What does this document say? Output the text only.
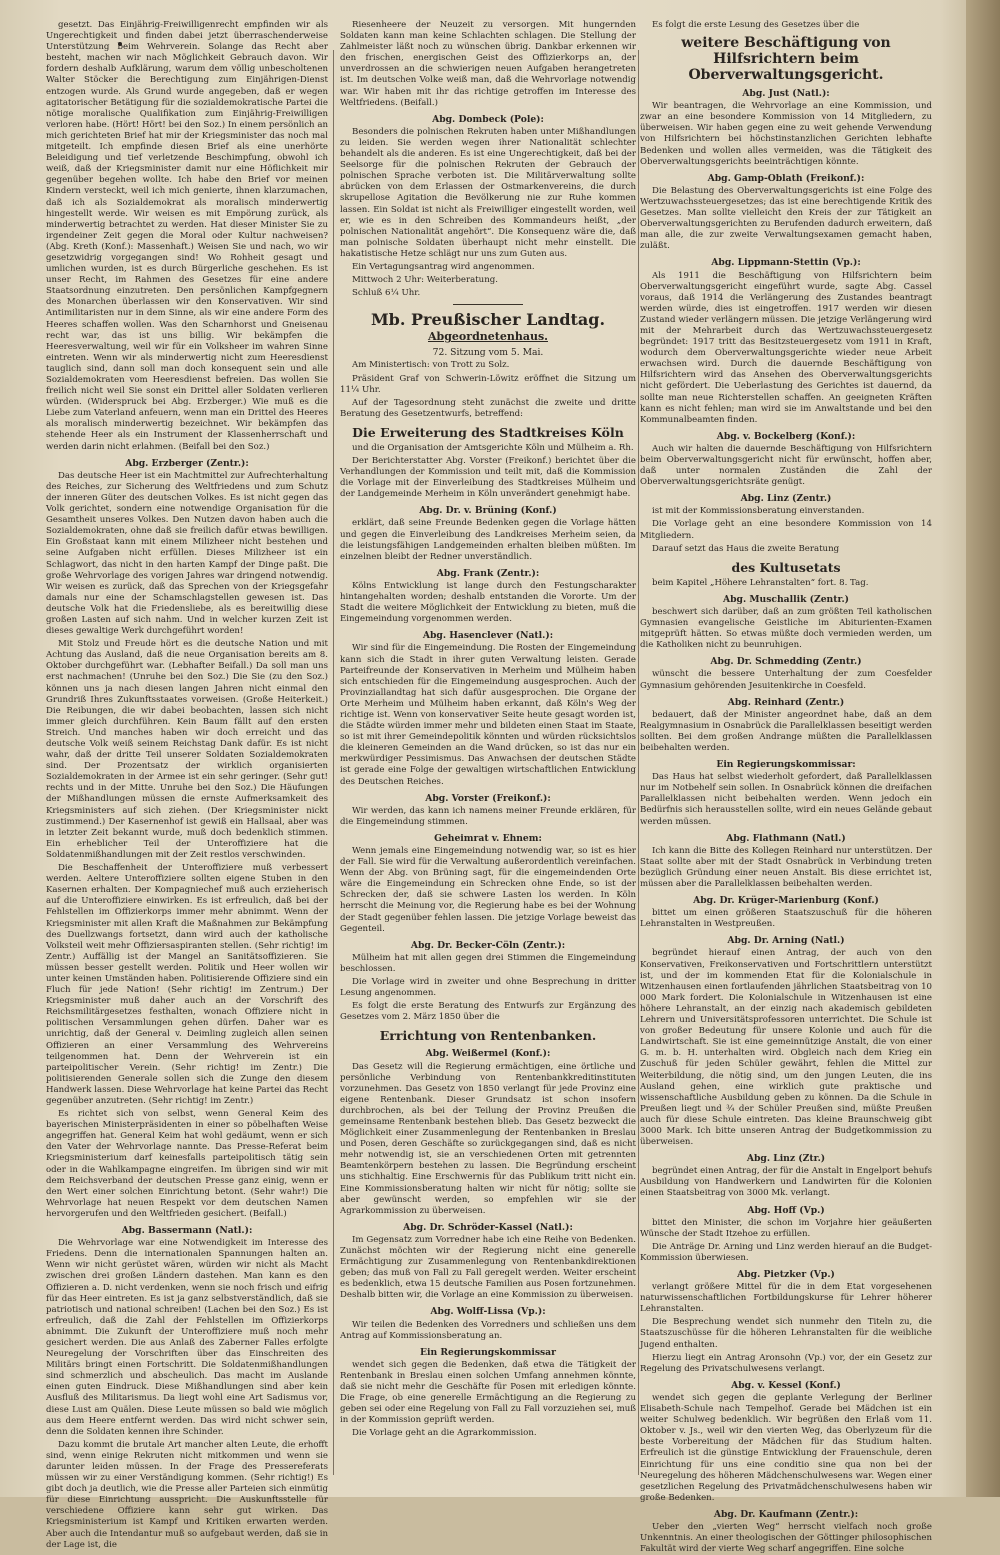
gesetzt. Das Einjährig-Freiwilligenrecht empfinden wir als Ungerechtigkeit und finden dabei jetzt überraschenderweise Unterstützung beim Wehrverein. Solange das Recht aber besteht, machen wir nach Möglichkeit Gebrauch davon. Wir fordern deshalb Aufklärung, warum dem völlig unbescholtenen Walter Stöcker die Berechtigung zum Einjährigen-Dienst entzogen wurde. Als Grund wurde angegeben, daß er wegen agitatorischer Betätigung für die sozialdemokratische Partei die nötige moralische Qualifikation zum Einjährig-Freiwilligen verloren habe. (Hört! Hört! bei den Soz.) In einem persönlich an mich gerichteten Brief hat mir der Kriegsminister das noch mal mitgeteilt. Ich empfinde diesen Brief als eine unerhörte Beleidigung und tief verletzende Beschimpfung, obwohl ich weiß, daß der Kriegsminister damit nur eine Höflichkeit mir gegenüber begehen wollte. Ich habe den Brief vor meinen Kindern versteckt, weil ich mich genierte, ihnen klarzumachen, daß ich als Sozialdemokrat als moralisch minderwertig hingestellt werde. Wir weisen es mit Empörung zurück, als minderwertig betrachtet zu werden. Hat dieser Minister Sie zu irgendeiner Zeit gegen die Moral oder Kultur nachweisen? (Abg. Kreth (Konf.): Massenhaft.) Weisen Sie und nach, wo wir gesetzwidrig vorgegangen sind! Wo Rohheit gesagt und umlichen wurden, ist es durch Bürgerliche geschehen. Es ist unser Recht, im Rahmen des Gesetzes für eine andere Staatsordnung einzutreten. Den persönlichen Kampfgegnern des Monarchen überlassen wir den Konservativen. Wir sind Antimilitaristen nur in dem Sinne, als wir eine andere Form des Heeres schaffen wollen. Was den Scharnhorst und Gneisenau recht war, das ist uns billig. Wir bekämpfen die Heeresverwaltung, weil wir für ein Volksheer im wahren Sinne eintreten. Wenn wir als minderwertig nicht zum Heeresdienst tauglich sind, dann soll man doch konsequent sein und alle Sozialdemokraten vom Heeresdienst befreien. Das wollen Sie freilich nicht weil Sie sonst ein Drittel aller Soldaten verlieren würden. (Widerspruck bei Abg. Erzberger.) Wie muß es die Liebe zum Vaterland anfeuern, wenn man ein Drittel des Heeres als moralisch minderwertig bezeichnet. Wir bekämpfen das stehende Heer als ein Instrument der Klassenherrschaft und werden darin nicht erlahmen. (Beifall bei den Soz.)
Abg. Erzberger (Zentr.):
Das deutsche Heer ist ein Machtmittel zur Aufrechterhaltung des Reiches, zur Sicherung des Weltfriedens und zum Schutz der inneren Güter des deutschen Volkes. Es ist nicht gegen das Volk gerichtet, sondern eine notwendige Organisation für die Gesamtheit unseres Volkes. Den Nutzen davon haben auch die Sozialdemokraten, ohne daß sie freilich dafür etwas bewilligen. Ein Großstaat kann mit einem Milizheer nicht bestehen und seine Aufgaben nicht erfüllen. Dieses Milizheer ist ein Schlagwort, das nicht in den harten Kampf der Dinge paßt. Die große Wehrvorlage des vorigen Jahres war dringend notwendig. Wir weisen es zurück, daß das Sprechen von der Kriegsgefahr damals nur eine der Schamschlagstellen gewesen ist. Das deutsche Volk hat die Friedensliebe, als es bereitwillig diese großen Lasten auf sich nahm. Und in welcher kurzen Zeit ist dieses gewaltige Werk durchgeführt worden!
Mit Stolz und Freude hört es die deutsche Nation und mit Achtung das Ausland, daß die neue Organisation bereits am 8. Oktober durchgeführt war. (Lebhafter Beifall.) Da soll man uns erst nachmachen! (Unruhe bei den Soz.) Die Sie (zu den Soz.) können uns ja nach diesen langen Jahren nicht einmal den Grundriß Ihres Zukunftsstaates vorweisen. (Große Heiterkeit.) Die Reibungen, die wir dabei beobachten, lassen sich nicht immer gleich durchführen. Kein Baum fällt auf den ersten Streich. Und manches haben wir doch erreicht und das deutsche Volk weiß seinem Reichstag Dank dafür. Es ist nicht wahr, daß der dritte Teil unserer Soldaten Sozialdemokraten sind. Der Prozentsatz der wirklich organisierten Sozialdemokraten in der Armee ist ein sehr geringer. (Sehr gut! rechts und in der Mitte. Unruhe bei den Soz.) Die Häufungen der Mißhandlungen müssen die ernste Aufmerksamkeit des Kriegsministers auf sich ziehen. (Der Kriegsminister nickt zustimmend.) Der Kasernenhof ist gewiß ein Hallsaal, aber was in letzter Zeit bekannt wurde, muß doch bedenklich stimmen. Ein erheblicher Teil der Unteroffiziere hat die Soldatenmißhandlungen mit der Zeit restlos verschwinden.
Die Beschaffenheit der Unteroffiziere muß verbessert werden. Aeltere Unteroffiziere sollten eigene Stuben in den Kasernen erhalten. Der Kompagniechef muß auch erzieherisch auf die Unteroffiziere einwirken. Es ist erfreulich, daß bei der Fehlstellen im Offizierkorps immer mehr abnimmt. Wenn der Kriegsminister mit allen Kraft die Maßnahmen zur Bekämpfung des Duellzwangs fortsetzt, dann wird auch der katholische Volksteil weit mehr Offiziersaspiranten stellen. (Sehr richtig! im Zentr.) Auffällig ist der Mangel an Sanitätsoffizieren. Sie müssen besser gestellt werden. Politik und Heer wollen wir unter keinen Umständen haben. Politisierende Offiziere sind ein Fluch für jede Nation! (Sehr richtig! im Zentrum.) Der Kriegsminister muß daher auch an der Vorschrift des Reichsmilitärgesetzes festhalten, wonach Offiziere nicht in politischen Versammlungen gehen dürfen. Daher war es unrichtig, daß der General v. Deimling zugleich allen seinen Offizieren an einer Versammlung des Wehrvereins teilgenommen hat. Denn der Wehrverein ist ein parteipolitischer Verein. (Sehr richtig! im Zentr.) Die politisierenden Generale sollen sich die Zunge den diesem Handwerk lassen. Diese Wehrvorlage hat keine Partei das Recht gegenüber anzutreten. (Sehr richtig! im Zentr.)
Es richtet sich von selbst, wenn General Keim des bayerischen Ministerpräsidenten in einer so pöbelhaften Weise angegriffen hat. General Keim hat wohl gedäumt, wenn er sich den Vater der Wehrvorlage nannte. Das Presse-Referat beim Kriegsministerium darf keinesfalls parteipolitisch tätig sein oder in die Wahlkampagne eingreifen. Im übrigen sind wir mit dem Reichsverband der deutschen Presse ganz einig, wenn er den Wert einer solchen Einrichtung betont. (Sehr wahr!) Die Wehrvorlage hat neuen Respekt vor dem deutschen Namen hervorgerufen und den Weltfrieden gesichert. (Beifall.)
Abg. Bassermann (Natl.):
Die Wehrvorlage war eine Notwendigkeit im Interesse des Friedens. Denn die internationalen Spannungen halten an. Wenn wir nicht gerüstet wären, würden wir nicht als Macht zwischen drei großen Ländern dastehen. Man kann es den Offizieren a. D. nicht verdenken, wenn sie noch frisch und eifrig für das Heer eintreten. Es ist ja ganz selbstverständlich, daß sie patriotisch und national schreiben! (Lachen bei den Soz.) Es ist erfreulich, daß die Zahl der Fehlstellen im Offizierkorps abnimmt. Die Zukunft der Unteroffiziere muß noch mehr gesichert werden. Die aus Anlaß des Zaberner Falles erfolgte Neuregelung der Vorschriften über das Einschreiten des Militärs bringt einen Fortschritt. Die Soldatenmißhandlungen sind schmerzlich und abscheulich. Das macht im Auslande einen guten Eindruck. Diese Mißhandlungen sind aber kein Ausfluß des Militarismus. Da liegt wohl eine Art Sadismus vor, diese Lust am Quälen. Diese Leute müssen so bald wie möglich aus dem Heere entfernt werden. Das wird nicht schwer sein, denn die Soldaten kennen ihre Schinder.
Dazu kommt die brutale Art mancher alten Leute, die erhofft sind, wenn einige Rekruten nicht mitkommen und wenn sie darunter leiden müssen. In der Frage des Pressereferats müssen wir zu einer Verständigung kommen. (Sehr richtig!) Es gibt doch ja deutlich, wie die Presse aller Parteien sich einmütig für diese Einrichtung ausspricht. Die Auskunftsstelle für verschiedene Offiziere kann sehr gut wirken. Das Kriegsministerium ist Kampf und Kritiken erwarten werden. Aber auch die Intendantur muß so aufgebaut werden, daß sie in der Lage ist, die
Riesenheere der Neuzeit zu versorgen. Mit hungernden Soldaten kann man keine Schlachten schlagen. Die Stellung der Zahlmeister läßt noch zu wünschen übrig. Dankbar erkennen wir den frischen, energischen Geist des Offizierkorps an, der unverdrossen an die schwierigen neuen Aufgaben herangetreten ist. Im deutschen Volke weiß man, daß die Wehrvorlage notwendig war. Wir haben mit ihr das richtige getroffen im Interesse des Weltfriedens. (Beifall.)
Abg. Dombeck (Pole):
Besonders die polnischen Rekruten haben unter Mißhandlungen zu leiden. Sie werden wegen ihrer Nationalität schlechter behandelt als die anderen. Es ist eine Ungerechtigkeit, daß bei der Seelsorge für die polnischen Rekruten der Gebrauch der polnischen Sprache verboten ist. Die Militärverwaltung sollte abrücken von dem Erlassen der Ostmarkenvereins, die durch skrupellose Agitation die Bevölkerung nie zur Ruhe kommen lassen. Ein Soldat ist nicht als Freiwilliger eingestellt worden, weil er, wie es in den Schreiben des Kommandeurs heißt, „der polnischen Nationalität angehört“. Die Konsequenz wäre die, daß man polnische Soldaten überhaupt nicht mehr einstellt. Die hakatistische Hetze schlägt nur uns zum Guten aus.
Ein Vertagungsantrag wird angenommen.
Mittwoch 2 Uhr: Weiterberatung.
Schluß 6¼ Uhr.
Mb. Preußischer Landtag.
Abgeordnetenhaus.
72. Sitzung vom 5. Mai.
Am Ministertisch: von Trott zu Solz.
Präsident Graf von Schwerin-Löwitz eröffnet die Sitzung um 11¼ Uhr.
Auf der Tagesordnung steht zunächst die zweite und dritte Beratung des Gesetzentwurfs, betreffend:
Die Erweiterung des Stadtkreises Köln
und die Organisation der Amtsgerichte Köln und Mülheim a. Rh.
Der Berichterstatter Abg. Vorster (Freikonf.) berichtet über die Verhandlungen der Kommission und teilt mit, daß die Kommission die Vorlage mit der Einverleibung des Stadtkreises Mülheim und der Landgemeinde Merheim in Köln unverändert genehmigt habe.
Abg. Dr. v. Brüning (Konf.)
erklärt, daß seine Freunde Bedenken gegen die Vorlage hätten und gegen die Einverleibung des Landkreises Merheim seien, da die leistungsfähigen Landgemeinden erhalten bleiben müßten. Im einzelnen bleibt der Redner unverständlich.
Abg. Frank (Zentr.):
Kölns Entwicklung ist lange durch den Festungscharakter hintangehalten worden; deshalb entstanden die Vororte. Um der Stadt die weitere Möglichkeit der Entwicklung zu bieten, muß die Eingemeindung vorgenommen werden.
Abg. Hasenclever (Natl.):
Wir sind für die Eingemeindung. Die Rosten der Eingemeindung kann sich die Stadt in ihrer guten Verwaltung leisten. Gerade Parteifreunde der Konservativen in Merheim und Mülheim haben sich entschieden für die Eingemeindung ausgesprochen. Auch der Provinziallandtag hat sich dafür ausgesprochen. Die Organe der Orte Merheim und Mülheim haben erkannt, daß Köln's Weg der richtige ist. Wenn von konservativer Seite heute gesagt worden ist, die Städte würden immer mehr und bildeten einen Staat im Staate, so ist mit ihrer Gemeindepolitik könnten und würden rücksichtslos die kleineren Gemeinden an die Wand drücken, so ist das nur ein merkwürdiger Pessimismus. Das Anwachsen der deutschen Städte ist gerade eine Folge der gewaltigen wirtschaftlichen Entwicklung des Deutschen Reiches.
Abg. Vorster (Freikonf.):
Wir werden, das kann ich namens meiner Freunde erklären, für die Eingemeindung stimmen.
Geheimrat v. Ehnem:
Wenn jemals eine Eingemeindung notwendig war, so ist es hier der Fall. Sie wird für die Verwaltung außerordentlich vereinfachen. Wenn der Abg. von Brüning sagt, für die eingemeindenden Orte wäre die Eingemeindung ein Schrecken ohne Ende, so ist der Schrecken der, daß sie schwere Lasten los werden. In Köln herrscht die Meinung vor, die Regierung habe es bei der Wohnung der Stadt gegenüber fehlen lassen. Die jetzige Vorlage beweist das Gegenteil.
Abg. Dr. Becker-Cöln (Zentr.):
Mülheim hat mit allen gegen drei Stimmen die Eingemeindung beschlossen.
Die Vorlage wird in zweiter und ohne Besprechung in dritter Lesung angenommen.
Es folgt die erste Beratung des Entwurfs zur Ergänzung des Gesetzes vom 2. März 1850 über die
Errichtung von Rentenbanken.
Abg. Weißermel (Konf.):
Das Gesetz will die Regierung ermächtigen, eine örtliche und persönliche Verbindung von Rentenbankkreditinstituten vorzunehmen. Das Gesetz von 1850 verlangt für jede Provinz eine eigene Rentenbank. Dieser Grundsatz ist schon insofern durchbrochen, als bei der Teilung der Provinz Preußen die gemeinsame Rentenbank bestehen blieb. Das Gesetz bezweckt die Möglichkeit einer Zusammenlegung der Rentenbanken in Breslau und Posen, deren Geschäfte so zurückgegangen sind, daß es nicht mehr notwendig ist, sie an verschiedenen Orten mit getrennten Beamtenkörpern bestehen zu lassen. Die Begründung erscheint uns stichhaltig. Eine Erschwernis für das Publikum tritt nicht ein. Eine Kommissionsberatung halten wir nicht für nötig; sollte sie aber gewünscht werden, so empfehlen wir sie der Agrarkommission zu überweisen.
Abg. Dr. Schröder-Kassel (Natl.):
Im Gegensatz zum Vorredner habe ich eine Reihe von Bedenken. Zunächst möchten wir der Regierung nicht eine generelle Ermächtigung zur Zusammenlegung von Rentenbankdirektionen geben; das muß von Fall zu Fall geregelt werden. Weiter erscheint es bedenklich, etwa 15 deutsche Familien aus Posen fortzunehmen. Deshalb bitten wir, die Vorlage an eine Kommission zu überweisen.
Abg. Wolff-Lissa (Vp.):
Wir teilen die Bedenken des Vorredners und schließen uns dem Antrag auf Kommissionsberatung an.
Ein Regierungskommissar
wendet sich gegen die Bedenken, daß etwa die Tätigkeit der Rentenbank in Breslau einen solchen Umfang annehmen könnte, daß sie nicht mehr die Geschäfte für Posen mit erledigen könnte. Die Frage, ob eine generelle Ermächtigung an die Regierung zu geben sei oder eine Regelung von Fall zu Fall vorzuziehen sei, muß in der Kommission geprüft werden.
Die Vorlage geht an die Agrarkommission.
Es folgt die erste Lesung des Gesetzes über die
weitere Beschäftigung von Hilfsrichtern beim Oberverwaltungsgericht.
Abg. Just (Natl.):
Wir beantragen, die Wehrvorlage an eine Kommission, und zwar an eine besondere Kommission von 14 Mitgliedern, zu überweisen. Wir haben gegen eine zu weit gehende Verwendung von Hilfsrichtern bei höchstinstanzlichen Gerichten lebhafte Bedenken und wollen alles vermeiden, was die Tätigkeit des Oberverwaltungsgerichts beeinträchtigen könnte.
Abg. Gamp-Oblath (Freikonf.):
Die Belastung des Oberverwaltungsgerichts ist eine Folge des Wertzuwachssteuergesetzes; das ist eine berechtigende Kritik des Gesetzes. Man sollte vielleicht den Kreis der zur Tätigkeit an Oberverwaltungsgerichten zu Berufenden dadurch erweitern, daß man alle, die zur zweite Verwaltungsexamen gemacht haben, zuläßt.
Abg. Lippmann-Stettin (Vp.):
Als 1911 die Beschäftigung von Hilfsrichtern beim Oberverwaltungsgericht eingeführt wurde, sagte Abg. Cassel voraus, daß 1914 die Verlängerung des Zustandes beantragt werden würde, dies ist eingetroffen. 1917 werden wir diesen Zustand wieder verlängern müssen. Die jetzige Verlängerung wird mit der Mehrarbeit durch das Wertzuwachssteuergesetz begründet: 1917 tritt das Besitzsteuergesetz vom 1911 in Kraft, wodurch dem Oberverwaltungsgerichte wieder neue Arbeit erwachsen wird. Durch die dauernde Beschäftigung von Hilfsrichtern wird das Ansehen des Oberverwaltungsgerichts nicht gefördert. Die Ueberlastung des Gerichtes ist dauernd, da sollte man neue Richterstellen schaffen. An geeigneten Kräften kann es nicht fehlen; man wird sie im Anwaltstande und bei den Kommunalbeamten finden.
Abg. v. Bockelberg (Konf.):
Auch wir halten die dauernde Beschäftigung von Hilfsrichtern beim Oberverwaltungsgericht nicht für erwünscht, hoffen aber, daß unter normalen Zuständen die Zahl der Oberverwaltungsgerichtsräte genügt.
Abg. Linz (Zentr.)
ist mit der Kommissionsberatung einverstanden.
Die Vorlage geht an eine besondere Kommission von 14 Mitgliedern.
Darauf setzt das Haus die zweite Beratung
des Kultusetats
beim Kapitel „Höhere Lehranstalten“ fort. 8. Tag.
Abg. Muschallik (Zentr.)
beschwert sich darüber, daß an zum größten Teil katholischen Gymnasien evangelische Geistliche im Abiturienten-Examen mitgeprüft hätten. So etwas müßte doch vermieden werden, um die Katholiken nicht zu beunruhigen.
Abg. Dr. Schmedding (Zentr.)
wünscht die bessere Unterhaltung der zum Coesfelder Gymnasium gehörenden Jesuitenkirche in Coesfeld.
Abg. Reinhard (Zentr.)
bedauert, daß der Minister angeordnet habe, daß an dem Realgymnasium in Osnabrück die Parallelklassen beseitigt werden sollten. Bei dem großen Andrange müßten die Parallelklassen beibehalten werden.
Ein Regierungskommissar:
Das Haus hat selbst wiederholt gefordert, daß Parallelklassen nur im Notbehelf sein sollen. In Osnabrück können die dreifachen Parallelklassen nicht beibehalten werden. Wenn jedoch ein Bedürfnis sich herausstellen sollte, wird ein neues Gelände gebaut werden müssen.
Abg. Flathmann (Natl.)
Ich kann die Bitte des Kollegen Reinhard nur unterstützen. Der Staat sollte aber mit der Stadt Osnabrück in Verbindung treten bezüglich Gründung einer neuen Anstalt. Bis diese errichtet ist, müssen aber die Parallelklassen beibehalten werden.
Abg. Dr. Krüger-Marienburg (Konf.)
bittet um einen größeren Staatszuschuß für die höheren Lehranstalten in Westpreußen.
Abg. Dr. Arning (Natl.)
begründet hierauf einen Antrag, der auch von den Konservativen, Freikonservativen und Fortschrittlern unterstützt ist, und der im kommenden Etat für die Kolonialschule in Witzenhausen einen fortlaufenden jährlichen Staatsbeitrag von 10 000 Mark fordert. Die Kolonialschule in Witzenhausen ist eine höhere Lehranstalt, an der einzig nach akademisch gebildeten Lehrern und Universitätsprofessoren unterrichtet. Die Schule ist von großer Bedeutung für unsere Kolonie und auch für die Landwirtschaft. Sie ist eine gemeinnützige Anstalt, die von einer G. m. b. H. unterhalten wird. Obgleich nach dem Krieg ein Zuschuß für jeden Schüler gewährt, fehlen die Mittel zur Weiterbildung, die nötig sind, um den jungen Leuten, die ins Ausland gehen, eine wirklich gute praktische und wissenschaftliche Ausbildung geben zu können. Da die Schule in Preußen liegt und ¾ der Schüler Preußen sind, müßte Preußen auch für diese Schule eintreten. Das kleine Braunschweig gibt 3000 Mark. Ich bitte unseren Antrag der Budgetkommission zu überweisen.
Abg. Linz (Ztr.)
begründet einen Antrag, der für die Anstalt in Engelport behufs Ausbildung von Handwerkern und Landwirten für die Kolonien einen Staatsbeitrag von 3000 Mk. verlangt.
Abg. Hoff (Vp.)
bittet den Minister, die schon im Vorjahre hier geäußerten Wünsche der Stadt Itzehoe zu erfüllen.
Die Anträge Dr. Arning und Linz werden hierauf an die Budget-Kommission überwiesen.
Abg. Pietzker (Vp.)
verlangt größere Mittel für die in dem Etat vorgesehenen naturwissenschaftlichen Fortbildungskurse für Lehrer höherer Lehranstalten.
Die Besprechung wendet sich nunmehr den Titeln zu, die Staatszuschüsse für die höheren Lehranstalten für die weibliche Jugend enthalten.
Hierzu liegt ein Antrag Aronsohn (Vp.) vor, der ein Gesetz zur Regelung des Privatschulwesens verlangt.
Abg. v. Kessel (Konf.)
wendet sich gegen die geplante Verlegung der Berliner Elisabeth-Schule nach Tempelhof. Gerade bei Mädchen ist ein weiter Schulweg bedenklich. Wir begrüßen den Erlaß vom 11. Oktober v. Js., weil wir den vierten Weg, das Oberlyzeum für die beste Vorbereitung der Mädchen für das Studium halten. Erfreulich ist die günstige Entwicklung der Frauenschule, deren Einrichtung für uns eine conditio sine qua non bei der Neuregelung des höheren Mädchenschulwesens war. Wegen einer gesetzlichen Regelung des Privatmädchenschulwesens haben wir große Bedenken.
Abg. Dr. Kaufmann (Zentr.):
Ueber den „vierten Weg“ herrscht vielfach noch große Unkenntnis. An einer theologischen der Göttinger philosophischen Fakultät wird der vierte Weg scharf angegriffen. Eine solche
